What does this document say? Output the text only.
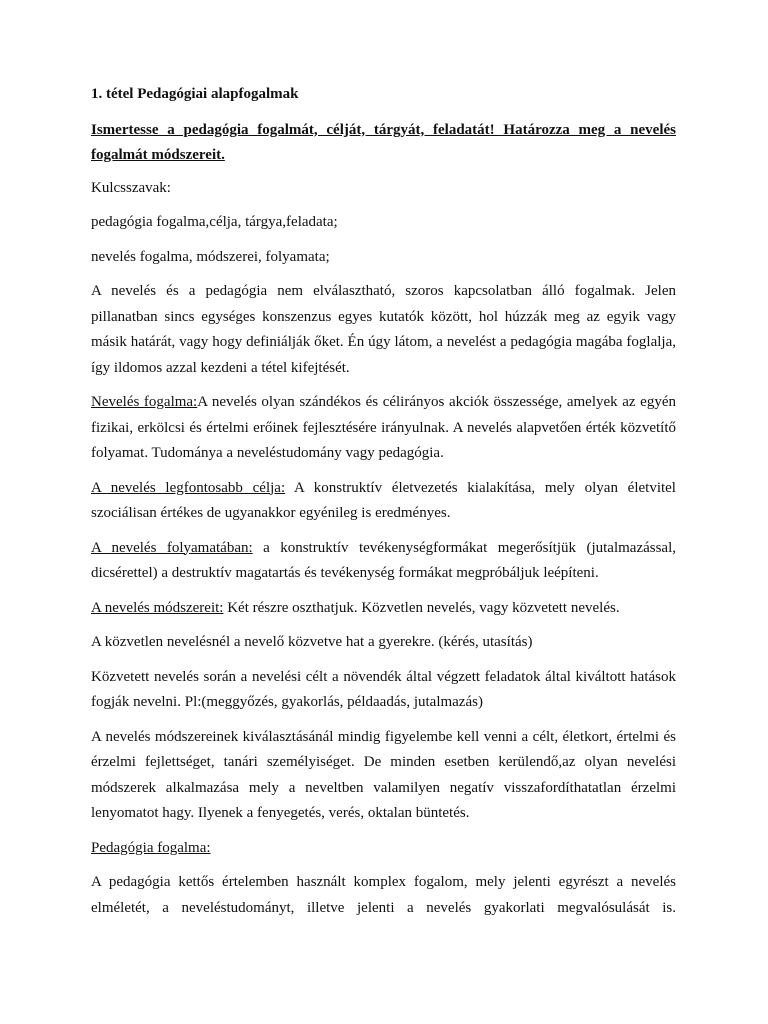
1. tétel Pedagógiai alapfogalmak

Ismertesse a pedagógia fogalmát, célját, tárgyát, feladatát! Határozza meg a nevelés fogalmát módszereit.

Kulcsszavak:

pedagógia fogalma,célja, tárgya,feladata;

nevelés fogalma, módszerei, folyamata;

A nevelés és a pedagógia nem elválasztható, szoros kapcsolatban álló fogalmak. Jelen pillanatban sincs egységes konszenzus egyes kutatók között, hol húzzák meg az egyik vagy másik határát, vagy hogy definiálják őket. Én úgy látom, a nevelést a pedagógia magába foglalja, így ildomos azzal kezdeni a tétel kifejtését.

Nevelés fogalma:A nevelés olyan szándékos és célirányos akciók összessége, amelyek az egyén fizikai, erkölcsi és értelmi erőinek fejlesztésére irányulnak. A nevelés alapvetően érték közvetítő folyamat. Tudománya a neveléstudomány vagy pedagógia.

A nevelés legfontosabb célja: A konstruktív életvezetés kialakítása, mely olyan életvitel szociálisan értékes de ugyanakkor egyénileg is eredményes.

A nevelés folyamatában: a konstruktív tevékenységformákat megerősítjük (jutalmazással, dicsérettel) a destruktív magatartás és tevékenység formákat megpróbáljuk leépíteni.

A nevelés módszereit: Két részre oszthatjuk. Közvetlen nevelés, vagy közvetett nevelés.

A közvetlen nevelésnél a nevelő közvetve hat a gyerekre. (kérés, utasítás)

Közvetett nevelés során a nevelési célt a növendék által végzett feladatok által kiváltott hatások fogják nevelni. Pl:(meggyőzés, gyakorlás, példaadás, jutalmazás)

A nevelés módszereinek kiválasztásánál mindig figyelembe kell venni a célt, életkort, értelmi és érzelmi fejlettséget, tanári személyiséget. De minden esetben kerülendő,az olyan nevelési módszerek alkalmazása mely a neveltben valamilyen negatív visszafordíthatatlan érzelmi lenyomatot hagy. Ilyenek a fenyegetés, verés, oktalan büntetés.

Pedagógia fogalma:

A pedagógia kettős értelemben használt komplex fogalom, mely jelenti egyrészt a nevelés elméletét, a neveléstudományt, illetve jelenti a nevelés gyakorlati megvalósulását is.
